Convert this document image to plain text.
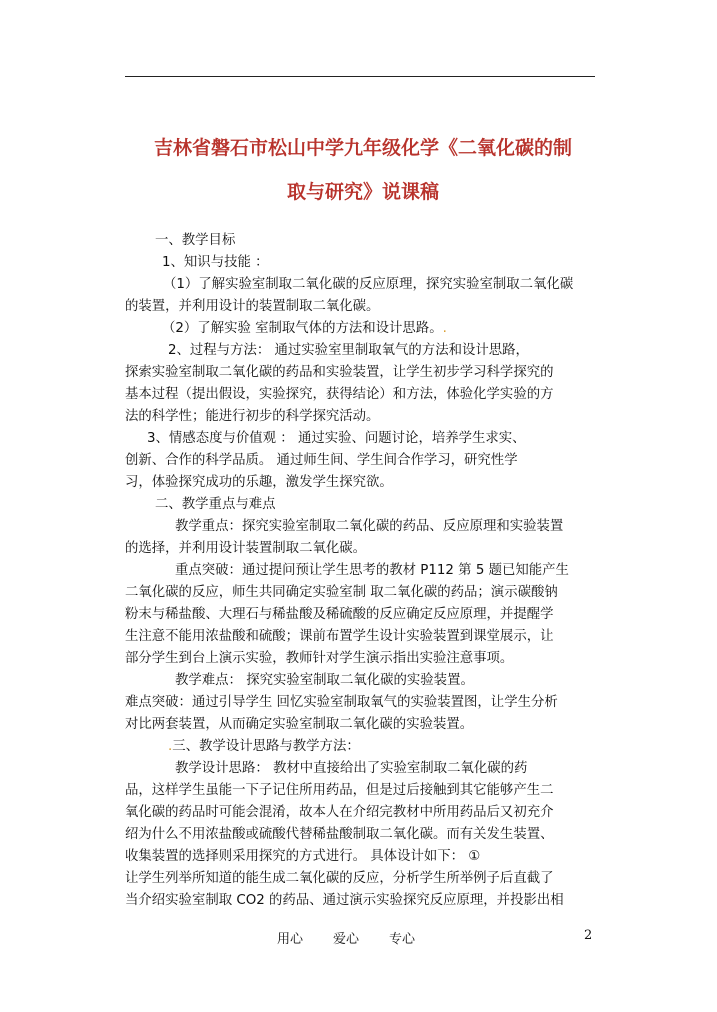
吉林省磐石市松山中学九年级化学《二氧化碳的制
取与研究》说课稿
一、教学目标
1、知识与技能 ：
（1）了解实验室制取二氧化碳的反应原理，探究实验室制取二氧化碳
的装置，并利用设计的装置制取二氧化碳。
（2）了解实验 室制取气体的方法和设计思路。.
2、过程与方法： 通过实验室里制取氧气的方法和设计思路，
探索实验室制取二氧化碳的药品和实验装置，让学生初步学习科学探究的
基本过程（提出假设，实验探究，获得结论）和方法，体验化学实验的方
法的科学性；能进行初步的科学探究活动。
3、情感态度与价值观 ： 通过实验、问题讨论，培养学生求实、
创新、合作的科学品质。 通过师生间、学生间合作学习，研究性学
习，体验探究成功的乐趣，激发学生探究欲。
二、教学重点与难点
教学重点：探究实验室制取二氧化碳的药品、反应原理和实验装置
的选择，并利用设计装置制取二氧化碳。
重点突破：通过提问预让学生思考的教材 P112 第 5 题已知能产生
二氧化碳的反应，师生共同确定实验室制 取二氧化碳的药品；演示碳酸钠
粉末与稀盐酸、大理石与稀盐酸及稀硫酸的反应确定反应原理，并提醒学
生注意不能用浓盐酸和硫酸；课前布置学生设计实验装置到课堂展示，让
部分学生到台上演示实验，教师针对学生演示指出实验注意事项。
教学难点： 探究实验室制取二氧化碳的实验装置。
难点突破：通过引导学生 回忆实验室制取氧气的实验装置图，让学生分析
对比两套装置，从而确定实验室制取二氧化碳的实验装置。
.三、教学设计思路与教学方法：
教学设计思路： 教材中直接给出了实验室制取二氧化碳的药
品，这样学生虽能一下子记住所用药品，但是过后接触到其它能够产生二
氧化碳的药品时可能会混淆，故本人在介绍完教材中所用药品后又初充介
绍为什么不用浓盐酸或硫酸代替稀盐酸制取二氧化碳。而有关发生装置、
收集装置的选择则采用探究的方式进行。 具体设计如下： ①
让学生列举所知道的能生成二氧化碳的反应，分析学生所举例子后直截了
当介绍实验室制取 CO2 的药品、通过演示实验探究反应原理，并投影出相
用心 爱心 专心	2
